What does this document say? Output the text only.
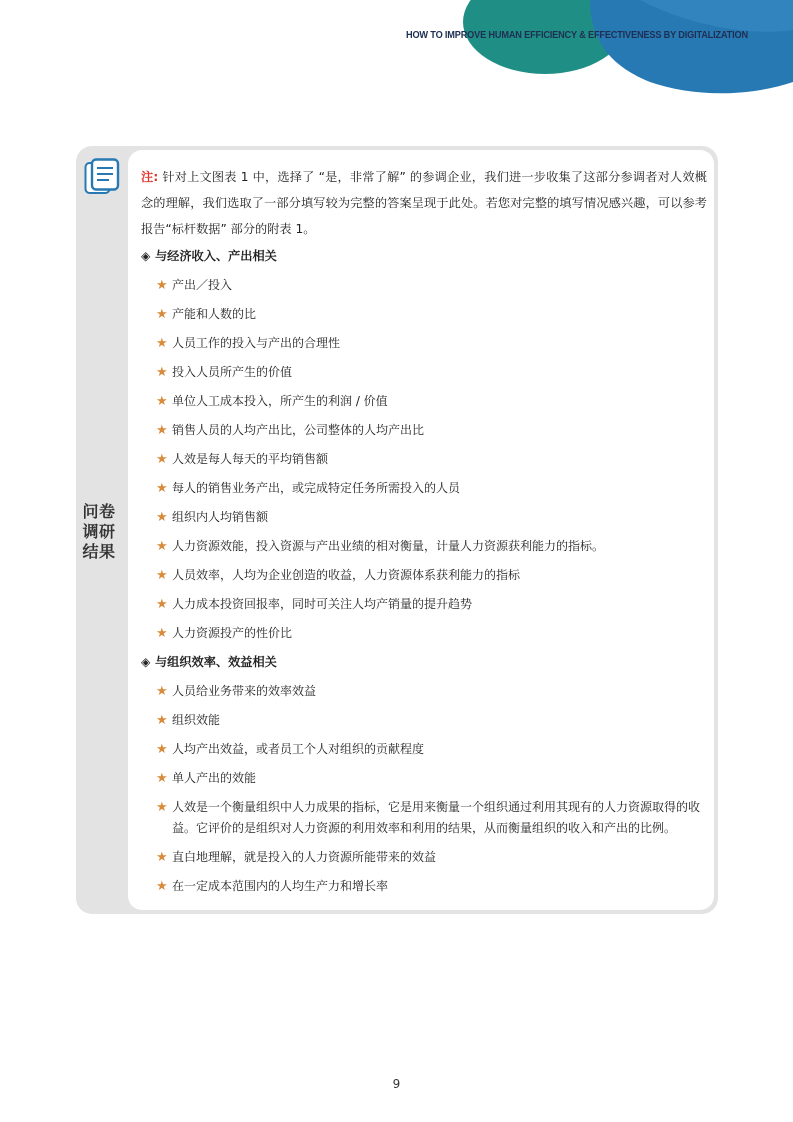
HOW TO IMPROVE HUMAN EFFICIENCY & EFFECTIVENESS BY DIGITALIZATION
问卷
调研
结果

注: 针对上文图表 1 中，选择了 “是，非常了解” 的参调企业，我们进一步收集了这部分参调者对人效概念的理解，我们选取了一部分填写较为完整的答案呈现于此处。若您对完整的填写情况感兴趣，可以参考报告“标杆数据” 部分的附表 1。

◈ 与经济收入、产出相关
★ 产出／投入
★ 产能和人数的比
★ 人员工作的投入与产出的合理性
★ 投入人员所产生的价值
★ 单位人工成本投入，所产生的利润 / 价值
★ 销售人员的人均产出比，公司整体的人均产出比
★ 人效是每人每天的平均销售额
★ 每人的销售业务产出，或完成特定任务所需投入的人员
★ 组织内人均销售额
★ 人力资源效能，投入资源与产出业绩的相对衡量，计量人力资源获利能力的指标。
★ 人员效率，人均为企业创造的收益，人力资源体系获利能力的指标
★ 人力成本投资回报率，同时可关注人均产销量的提升趋势
★ 人力资源投产的性价比
◈ 与组织效率、效益相关
★ 人员给业务带来的效率效益
★ 组织效能
★ 人均产出效益，或者员工个人对组织的贡献程度
★ 单人产出的效能
★ 人效是一个衡量组织中人力成果的指标，它是用来衡量一个组织通过利用其现有的人力资源取得的收益。它评价的是组织对人力资源的利用效率和利用的结果，从而衡量组织的收入和产出的比例。
★ 直白地理解，就是投入的人力资源所能带来的效益
★ 在一定成本范围内的人均生产力和增长率
9
